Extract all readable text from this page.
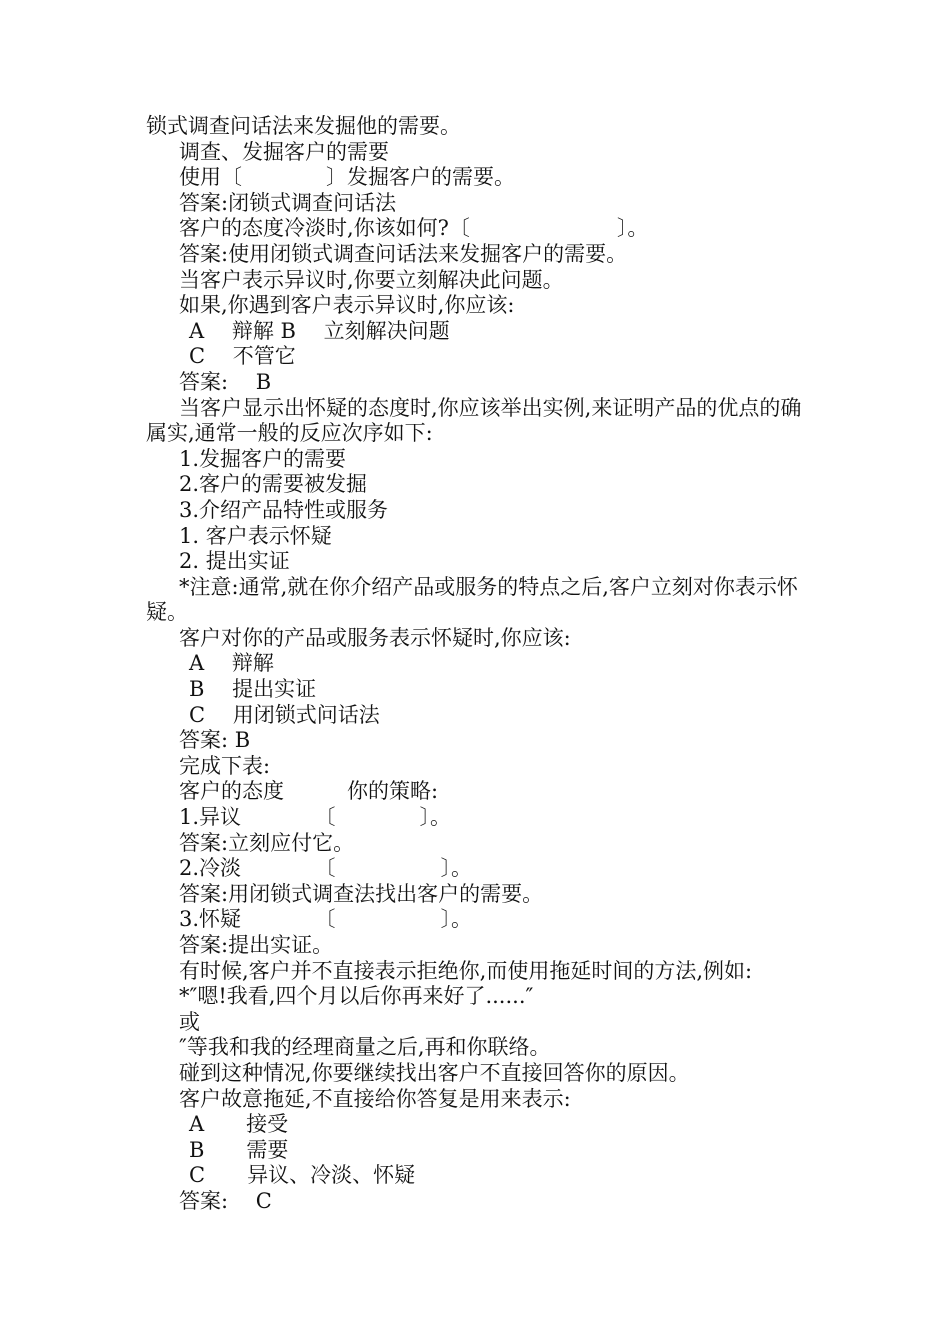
锁式调查问话法来发掘他的需要。
调查、发掘客户的需要
使用〔　　　　〕发掘客户的需要。
答案:闭锁式调查问话法
客户的态度冷淡时,你该如何?〔　　　　　　　〕。
答案:使用闭锁式调查问话法来发掘客户的需要。
当客户表示异议时,你要立刻解决此问题。
如果,你遇到客户表示异议时,你应该:
A　 辩解 B　 立刻解决问题
C　 不管它
答案:　 B
当客户显示出怀疑的态度时,你应该举出实例,来证明产品的优点的确属实,通常一般的反应次序如下:
1.发掘客户的需要
2.客户的需要被发掘
3.介绍产品特性或服务
1. 客户表示怀疑
2. 提出实证
*注意:通常,就在你介绍产品或服务的特点之后,客户立刻对你表示怀疑。
客户对你的产品或服务表示怀疑时,你应该:
A　 辩解
B　 提出实证
C　 用闭锁式问话法
答案: B
完成下表:
客户的态度　　　你的策略:
1.异议　　　　〔　　　　〕。
答案:立刻应付它。
2.冷淡　　　　〔　　　　　〕。
答案:用闭锁式调查法找出客户的需要。
3.怀疑　　　　〔　　　　　〕。
答案:提出实证。
有时候,客户并不直接表示拒绝你,而使用拖延时间的方法,例如:
*″嗯!我看,四个月以后你再来好了......″
或
″等我和我的经理商量之后,再和你联络。
碰到这种情况,你要继续找出客户不直接回答你的原因。
客户故意拖延,不直接给你答复是用来表示:
A　　接受
B　　需要
C　　异议、冷淡、怀疑
答案:　 C
